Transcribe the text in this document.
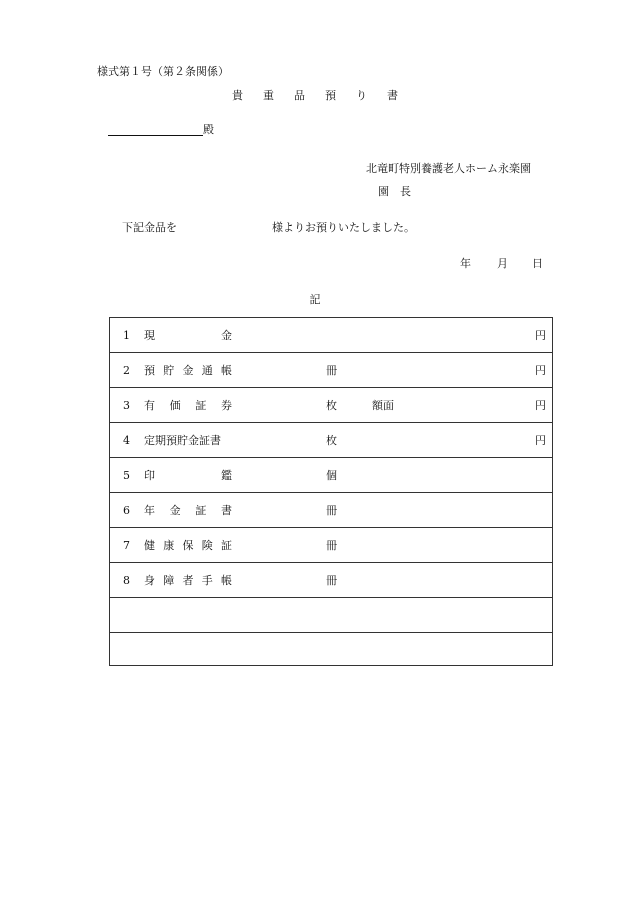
様式第１号（第２条関係）
貴 重 品 預 り 書
殿
北竜町特別養護老人ホーム永楽園
園　長
下記金品を	様よりお預りいたしました。
年 月 日
記
1 現	金	円
2 預 貯 金 通 帳	冊	円
3 有 価 証 券	枚	額面	円
4 定期預貯金証書	枚	円
5 印	鑑	個
6 年 金 証 書	冊
7 健 康 保 険 証	冊
8 身 障 者 手 帳	冊
